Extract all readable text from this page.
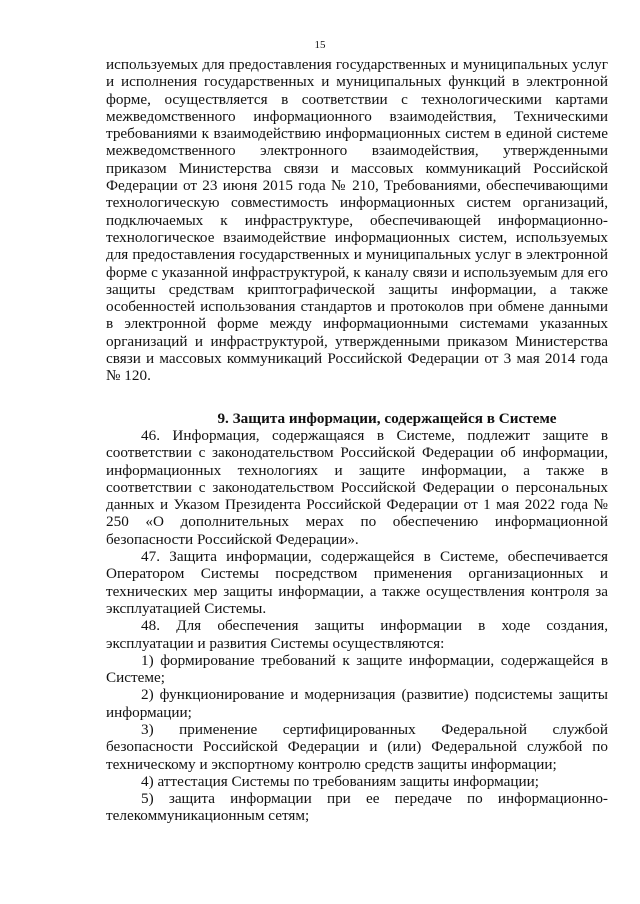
15

используемых для предоставления государственных и муниципальных услуг и исполнения государственных и муниципальных функций в электронной форме, осуществляется в соответствии с технологическими картами межведомственного информационного взаимодействия, Техническими требованиями к взаимодействию информационных систем в единой системе межведомственного электронного взаимодействия, утвержденными приказом Министерства связи и массовых коммуникаций Российской Федерации от 23 июня 2015 года № 210, Требованиями, обеспечивающими технологическую совместимость информационных систем организаций, подключаемых к инфраструктуре, обеспечивающей информационно-технологическое взаимодействие информационных систем, используемых для предоставления государственных и муниципальных услуг в электронной форме с указанной инфраструктурой, к каналу связи и используемым для его защиты средствам криптографической защиты информации, а также особенностей использования стандартов и протоколов при обмене данными в электронной форме между информационными системами указанных организаций и инфраструктурой, утвержденными приказом Министерства связи и массовых коммуникаций Российской Федерации от 3 мая 2014 года № 120.

9. Защита информации, содержащейся в Системе

46. Информация, содержащаяся в Системе, подлежит защите в соответствии с законодательством Российской Федерации об информации, информационных технологиях и защите информации, а также в соответствии с законодательством Российской Федерации о персональных данных и Указом Президента Российской Федерации от 1 мая 2022 года № 250 «О дополнительных мерах по обеспечению информационной безопасности Российской Федерации».

47. Защита информации, содержащейся в Системе, обеспечивается Оператором Системы посредством применения организационных и технических мер защиты информации, а также осуществления контроля за эксплуатацией Системы.

48. Для обеспечения защиты информации в ходе создания, эксплуатации и развития Системы осуществляются:

1) формирование требований к защите информации, содержащейся в Системе;

2) функционирование и модернизация (развитие) подсистемы защиты информации;

3) применение сертифицированных Федеральной службой безопасности Российской Федерации и (или) Федеральной службой по техническому и экспортному контролю средств защиты информации;

4) аттестация Системы по требованиям защиты информации;

5) защита информации при ее передаче по информационно-телекоммуникационным сетям;
